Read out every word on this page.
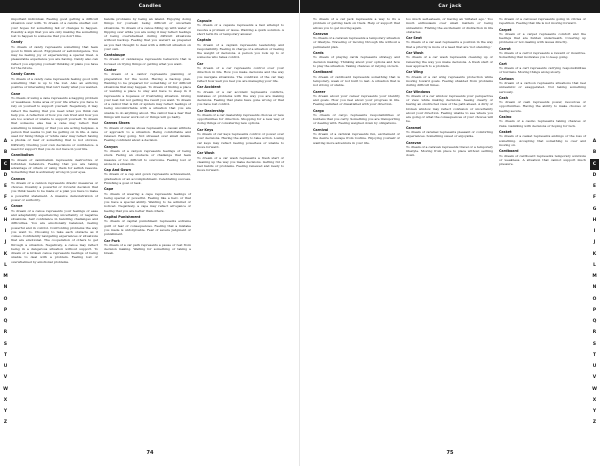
Candles

important individual. Feeling good getting a difficult situation over with. To dream of a candle snuffed out: your hopes for something fail or changes to happen. Possibly a sign that you are only making the something lost to happen to someone that you don't like.

Candy

To dream of candy represents something that feels good to think about. Enjoyment or self-indulgence. You may be feeling joy or experiencing a special treat. A pleasurable experience you are having. Candy also can reflect you enjoying yourself thinking of plans you have for the future.

Candy Canes

To dream of a candy cane represents feeling good with something that is up to the lost. Also an enticing positive or interesting that isn't really what you wanted.

Cane

To dream of using a cane represents a nagging problem or weakness. Some area of your life where you have to rely on yourself to support yourself. Negatively, it may reflect the feeling that you need what you think can help you. A reflection of how you can trust and how you are too scared or unable to support yourself. To dream that someone else has a cane may reflect that something is missing or that you are acting helpless. A person that seems to just be getting on in life. A cane used for fixing things or 'white cane' may reflect having a phobia or fear of something that is not obvious. Difficulty trusting your own decisions or confidence. A need for support that you do not have in your life.

Cannibalism

To dream of cannibalism represents destructive or forbidden behaviors. Feeling that you are taking advantage of others or using them for selfish reasons. Something that is extremely wrong in your eyes.

Cannon

To dream of a cannon represents drastic measures or choices. Possibly a powerful or forceful decision that you think needs to be made or a plan you have to make a powerful statement. A massive demonstration of power or authority.

Canoe

To dream of a canoe represents your feelings of ease and adaptability experiencing uncertainty or negative situations. Self confidence in handling challenges and difficulties. You are emotionally balanced, feeling powerful and in control. Confronting problems the way you want to. Choosing to take each obstacle as it comes. Confidently navigating experiences or situations that are emotional. The cooperation of others to get through a situation. Negatively, a canoe may reflect being in a dangerous situation without support. To dream of a broken canoe represents feelings of being unable to deal with a problem. Feeling lost or overwhelmed by emotional problems.

handle problems by being an island. Enjoying doing things for yourself, being difficult or uncertain situations. To dream of a canoe filling up with water or flipping over while you are using it may reflect feelings of being overwhelmed during difficult situations without backup. Feeling that you weren't as prepared as you had thought to deal with a difficult situation on your own.

Cantaloupe

To dream of cantaloupe represents behaviors that is focused on trying things or getting what you want.

Cantor

To dream of a cantor represents planning or preparation for the worst. Having a backup plan. Wanting to be prepared for something or for difficult situations that may happen. To dream of finding a place or wanting a place to stay and have to sleep in it represents a hopeless or frustrating situation. Giving your best but not getting the result you want. To dream of a cantor that is full of spiders may reflect feelings of being uncomfortable with a situation that you are unable to do anything about. The cantor has a fear that things will never work out or things will go badly.

Canvas Shoes

To dream of canvas shoes represents a casual attitude or approach to a situation. Being comfortable and relaxed. Easy going. Not stressed over small details. Feeling confident about a decision.

Canyon

To dream of a canyon represents feelings of being stuck. Facing an obstacle or challenge that feels massive or too difficult to overcome. Feeling lost or alone in a situation.

Cap And Gown

To dream of a cap and gown represents achievement, graduation or an accomplishment. Celebrating success. Finishing a goal or task.

Cape

To dream of wearing a cape represents feelings of being special or powerful. Feeling like a hero or that you have a special ability. Wanting to be admired or noticed. Negatively, a cape may reflect arrogance or feeling that you are better than others.

Capital Punishment

To dream of capital punishment represents extreme guilt or fear of consequences. Feeling that a mistake you made is unforgivable. Fear of severe judgment or punishment.

Car Park

To dream of a car park represents a pause or rest from decision making. Waiting for something or taking a break.

Capsule

To dream of a capsule represents a fast attempt to resolve a problem or issue. Wanting a quick solution. A short term fix or temporary answer.

Captain

To dream of a captain represents leadership and responsibility. Feeling in charge of a situation or feeling the weight of decisions. A person you look up to or someone who takes control.

Car

To dream of a car represents control over your direction in life. How you make decisions and the way you navigate situations. The condition of the car may reflect how well you feel you are managing your life.

Car Accident

To dream of a car accident represents conflicts, mistakes or problems with the way you are making decisions. Feeling that plans have gone wrong or that you have lost control.

Car Dealership

To dream of a car dealership represents choices or new opportunities for direction. Shopping for a new way of doing things or considering new options.

Car Keys

To dream of car keys represents control or power over your decisions. Having the ability to take action. Losing car keys may reflect feeling powerless or unable to move forward.

Car Wash

To dream of a car wash represents a fresh start or cleaning up the way you make decisions. Getting rid of bad habits or problems. Feeling renewed and ready to move forward.

A
B
C
D
E
F
G
H
I
J
K
L
M
N
O
P
Q
R
S
T
U
V
W
X
Y
Z
74
Car jack

To dream of a car jack represents a way to fix a problem or getting back on track. Help or support that allows you to get moving again.

Caravan

To dream of a caravan represents a temporary situation or lifestyle. Traveling or moving through life without a permanent plan.

Cards

To dream of playing cards represents strategy and decision making. Thinking about your options and how to play the situation. Taking chances or relying on luck.

Cardboard

To dream of cardboard represents something that is temporary, weak or not built to last. A situation that is not strong or stable.

Career

To dream about your career represents your identity and goals. How you feel about your progress in life. Feeling satisfied or dissatisfied with your direction.

Cargo

To dream of cargo represents responsibilities or burdens that you carry. Something you are transporting or dealing with. Feeling weighed down by obligations.

Carnival

To dream of a carnival represents fun, excitement or the desire to escape from routine. Enjoying yourself or wanting more adventure in your life.

too much self-esteem, or having an 'inflated ego.' Too much enthusiasm over small matters or being unrealistic. Finding the excitement or distraction in life obstacles.

Car Seat

To dream of a car seat represents a position in the way that a priority is more of a need that are 'not standing.'

Car Wash

To dream of a car wash represents cleaning up or renewing the way you make decisions. A fresh start or new approach to a problem.

Car Wing

To dream of a car wing represents protection while moving toward goals. Feeling shielded from problems during difficult times.

Car Windows

To dream of a car window represents your perspective or view while making decisions. Seeing clearly or having an obstructed view of the path ahead. A dirty or broken window may reflect confusion or uncertainty about your direction. Feeling unable to see where you are going or what the consequences of your choices will be.

Caramel

To dream of caramel represents pleasant or comforting experiences. Something sweet or enjoyable.

Caravan

To dream of a caravan represents travel or a temporary lifestyle. Moving from place to place without settling down.

To dream of a carousel represents going in circles or repetition. Feeling that life is not moving forward.

Carpet

To dream of a carpet represents comfort and the feelings that are hidden underneath. Covering up problems or not dealing with issues directly.

Carrot

To dream of a carrot represents a reward or incentive. Something that motivates you to keep going.

Cart

To dream of a cart represents carrying responsibilities or burdens. Moving things along slowly.

Cartoon

To dream of a cartoon represents situations that feel unrealistic or exaggerated. Not taking something seriously.

Cash

To dream of cash represents power, resources or opportunities. Having the ability to make choices or feeling secure.

Casino

To dream of a casino represents taking chances or risks. Gambling with decisions or hoping for luck.

Casket

To dream of a casket represents endings or the loss of something. Accepting that something is over and moving on.

Cardboard

To dream of cardboard represents temporary solutions or weakness. A situation that cannot support much pressure.

A
B
C
D
E
F
G
H
I
J
K
L
M
N
O
P
Q
R
S
T
U
V
W
X
Y
Z
75
